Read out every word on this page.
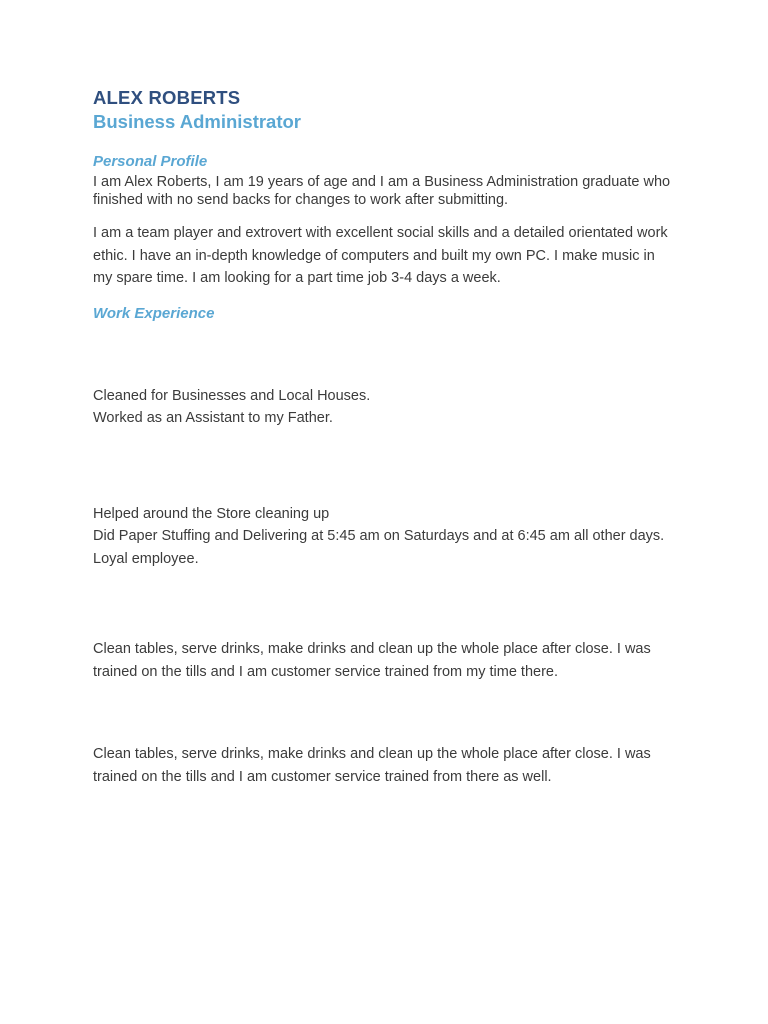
ALEX ROBERTS
Business Administrator
Personal Profile

I am Alex Roberts, I am 19 years of age and I am a Business Administration graduate who finished with no send backs for changes to work after submitting.

I am a team player and extrovert with excellent social skills and a detailed orientated work ethic. I have an in-depth knowledge of computers and built my own PC. I make music in my spare time. I am looking for a part time job 3-4 days a week.

Work Experience

Cleaned for Businesses and Local Houses.

Worked as an Assistant to my Father.

Helped around the Store cleaning up

Did Paper Stuffing and Delivering at 5:45 am on Saturdays and at 6:45 am all other days. Loyal employee.

Clean tables, serve drinks, make drinks and clean up the whole place after close. I was trained on the tills and I am customer service trained from my time there.

Clean tables, serve drinks, make drinks and clean up the whole place after close. I was trained on the tills and I am customer service trained from there as well.
